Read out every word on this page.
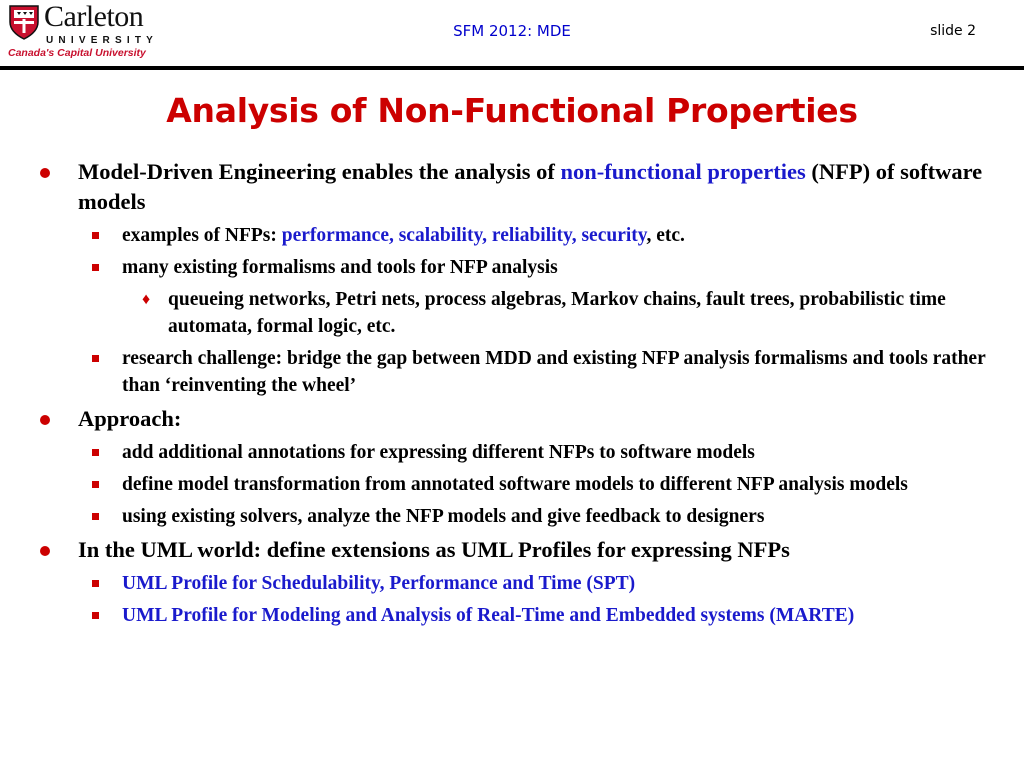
Carleton
UNIVERSITY
Canada's Capital University
SFM 2012: MDE	slide 2
Analysis of Non-Functional Properties
Model-Driven Engineering enables the analysis of non-functional properties (NFP) of software models
examples of NFPs: performance, scalability, reliability, security, etc.
many existing formalisms and tools for NFP analysis
♦ queueing networks, Petri nets, process algebras, Markov chains, fault trees, probabilistic time automata, formal logic, etc.
research challenge: bridge the gap between MDD and existing NFP analysis formalisms and tools rather than ‘reinventing the wheel’
Approach:
add additional annotations for expressing different NFPs to software models
define model transformation from annotated software models to different NFP analysis models
using existing solvers, analyze the NFP models and give feedback to designers
In the UML world: define extensions as UML Profiles for expressing NFPs
UML Profile for Schedulability, Performance and Time (SPT)
UML Profile for Modeling and Analysis of Real-Time and Embedded systems (MARTE)
